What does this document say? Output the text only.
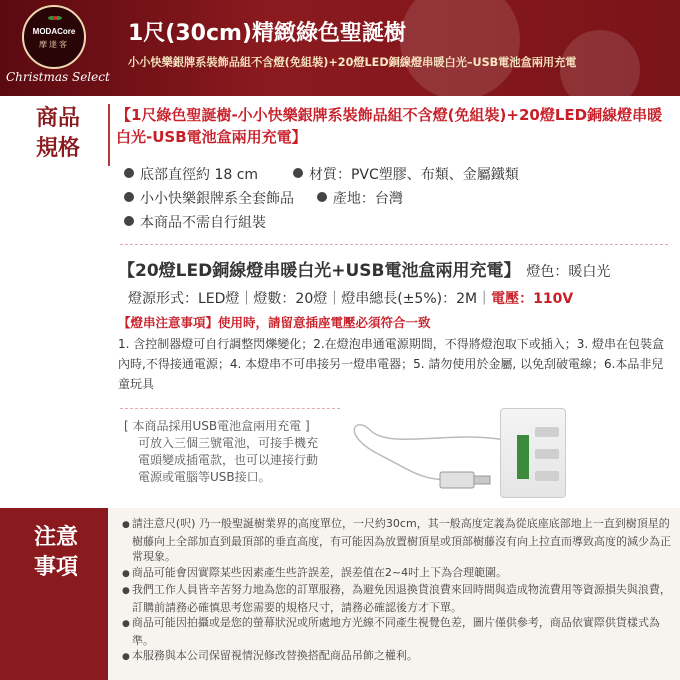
MODACore
摩達客
Christmas Select
1尺(30cm)精緻綠色聖誕樹
小小快樂銀牌系裝飾品組不含燈(免組裝)+20燈LED銅線燈串暖白光–USB電池盒兩用充電
商品
規格
【1尺綠色聖誕樹-小小快樂銀牌系裝飾品組不含燈(免組裝)+20燈LED銅線燈串暖白光-USB電池盒兩用充電】
底部直徑約 18 cm	材質：PVC塑膠、布類、金屬鐵類
小小快樂銀牌系全套飾品	產地：台灣
本商品不需自行組裝
【20燈LED銅線燈串暖白光+USB電池盒兩用充電】 燈色：暖白光
燈源形式：LED燈｜燈數：20燈｜燈串總長(±5%)：2M｜電壓：110V
【燈串注意事項】使用時，請留意插座電壓必須符合一致
1. 含控制器燈可自行調整閃爍變化；2.在燈泡串通電源期間，不得將燈泡取下或插入；3. 燈串在包裝盒內時,不得接通電源；4. 本燈串不可串接另一燈串電器；5. 請勿使用於金屬, 以免刮破電線；6.本品非兒童玩具
[ 本商品採用USB電池盒兩用充電 ]
可放入三個三號電池，可接手機充
電頭變成插電款，也可以連接行動
電源或電腦等USB接口。
注意
事項
● 請注意尺(呎) 乃一般聖誕樹業界的高度單位，一尺約30cm，其一般高度定義為從底座底部地上一直到樹頂星的樹藤向上全部加直到最頂部的垂直高度，有可能因為放置樹頂星或頂部樹藤沒有向上拉直而導致高度的減少為正常現象。
● 商品可能會因實際某些因素產生些許誤差，誤差值在2~4吋上下為合理範圍。
● 我們工作人員皆辛苦努力地為您的訂單服務，為避免因退換貨浪費來回時間與造成物流費用等資源損失與浪費，訂購前請務必確慎思考您需要的規格尺寸，請務必確認後方才下單。
● 商品可能因拍攝或是您的螢幕狀況或所處地方光線不同產生視覺色差，圖片僅供參考，商品依實際供貨樣式為準。
● 本服務與本公司保留視情況修改替換搭配商品吊飾之權利。
